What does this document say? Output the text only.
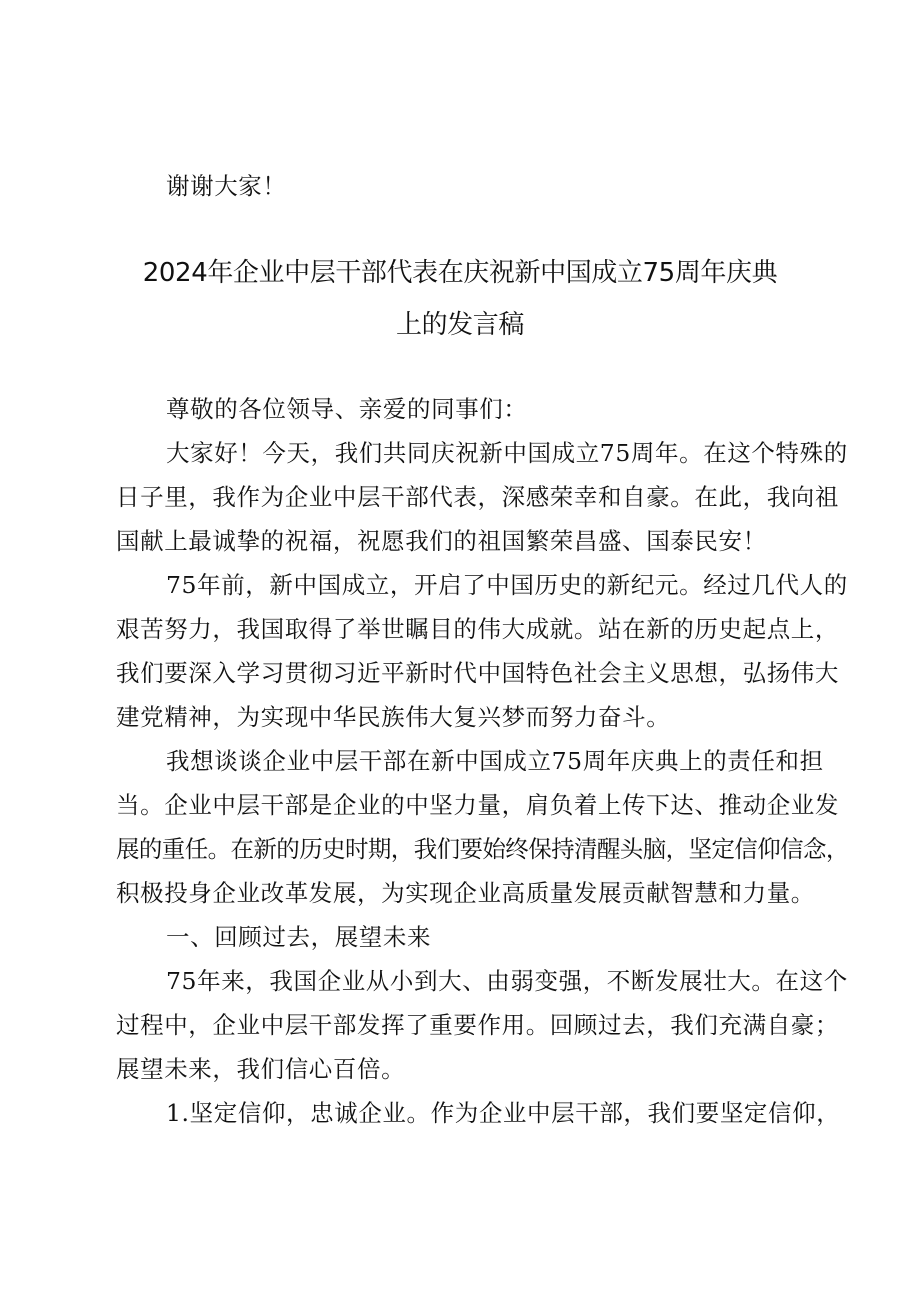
谢谢大家！
2024年企业中层干部代表在庆祝新中国成立75周年庆典
上的发言稿
尊敬的各位领导、亲爱的同事们：
大家好！今天，我们共同庆祝新中国成立75周年。在这个特殊的
日子里，我作为企业中层干部代表，深感荣幸和自豪。在此，我向祖
国献上最诚挚的祝福，祝愿我们的祖国繁荣昌盛、国泰民安！
75年前，新中国成立，开启了中国历史的新纪元。经过几代人的
艰苦努力，我国取得了举世瞩目的伟大成就。站在新的历史起点上，
我们要深入学习贯彻习近平新时代中国特色社会主义思想，弘扬伟大
建党精神，为实现中华民族伟大复兴梦而努力奋斗。
我想谈谈企业中层干部在新中国成立75周年庆典上的责任和担
当。企业中层干部是企业的中坚力量，肩负着上传下达、推动企业发
展的重任。在新的历史时期，我们要始终保持清醒头脑，坚定信仰信念，
积极投身企业改革发展，为实现企业高质量发展贡献智慧和力量。
一、回顾过去，展望未来
75年来，我国企业从小到大、由弱变强，不断发展壮大。在这个
过程中，企业中层干部发挥了重要作用。回顾过去，我们充满自豪；
展望未来，我们信心百倍。
1.坚定信仰，忠诚企业。作为企业中层干部，我们要坚定信仰，
